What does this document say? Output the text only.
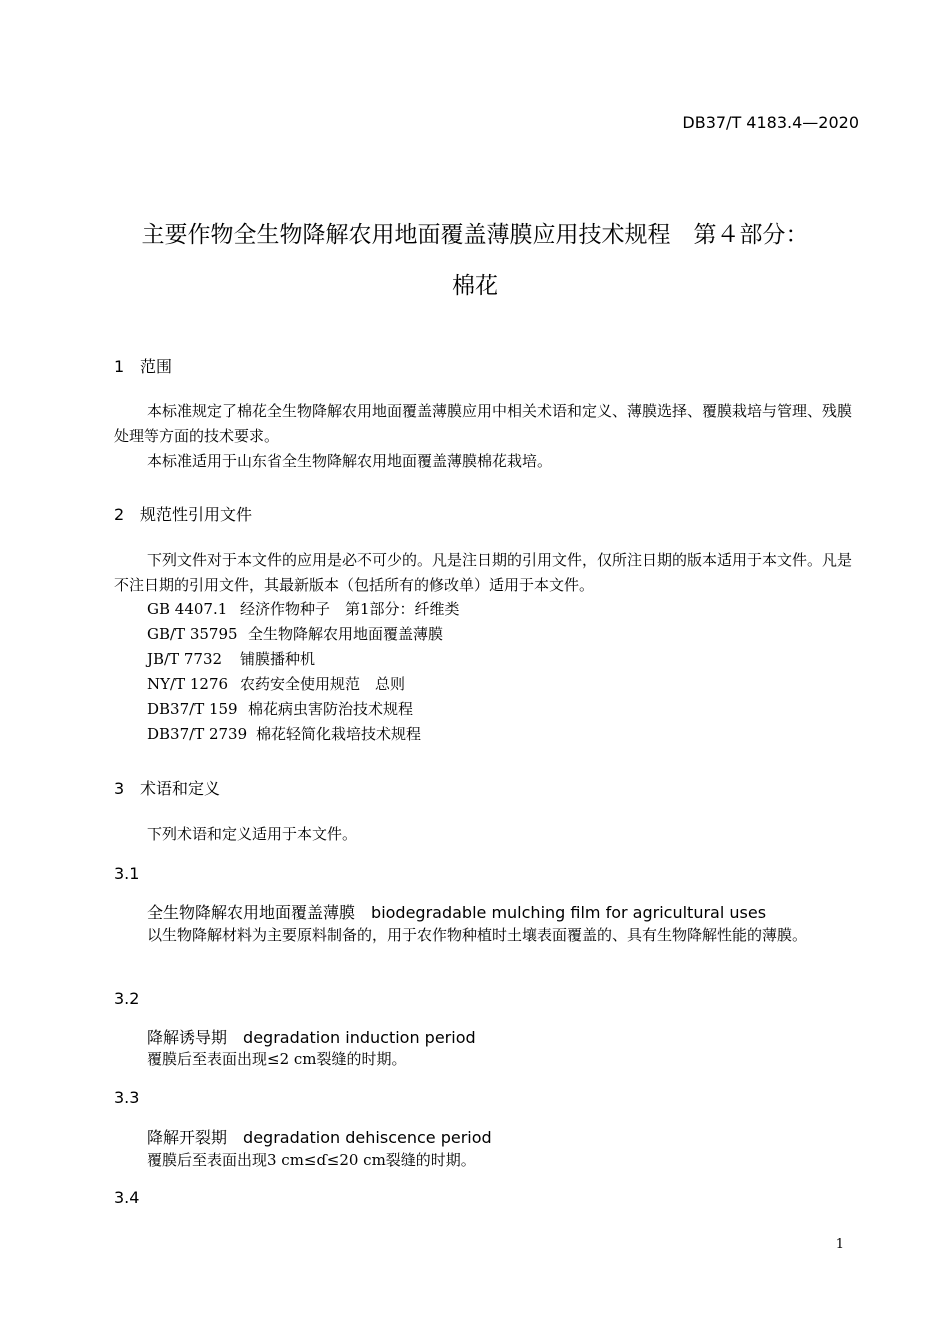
DB37/T 4183.4—2020
主要作物全生物降解农用地面覆盖薄膜应用技术规程　第４部分：
棉花
1 范围
本标准规定了棉花全生物降解农用地面覆盖薄膜应用中相关术语和定义、薄膜选择、覆膜栽培与管理、残膜处理等方面的技术要求。
本标准适用于山东省全生物降解农用地面覆盖薄膜棉花栽培。
2 规范性引用文件
下列文件对于本文件的应用是必不可少的。凡是注日期的引用文件，仅所注日期的版本适用于本文件。凡是不注日期的引用文件，其最新版本（包括所有的修改单）适用于本文件。
GB 4407.1 经济作物种子　第1部分：纤维类
GB/T 35795 全生物降解农用地面覆盖薄膜
JB/T 7732 铺膜播种机
NY/T 1276 农药安全使用规范　总则
DB37/T 159 棉花病虫害防治技术规程
DB37/T 2739 棉花轻简化栽培技术规程
3 术语和定义
下列术语和定义适用于本文件。
3.1
全生物降解农用地面覆盖薄膜　 biodegradable mulching film for agricultural uses
以生物降解材料为主要原料制备的，用于农作物种植时土壤表面覆盖的、具有生物降解性能的薄膜。
3.2
降解诱导期　 degradation induction period
覆膜后至表面出现≤2 cm裂缝的时期。
3.3
降解开裂期　 degradation dehiscence period
覆膜后至表面出现3 cm≤ɗ≤20 cm裂缝的时期。
3.4
1
